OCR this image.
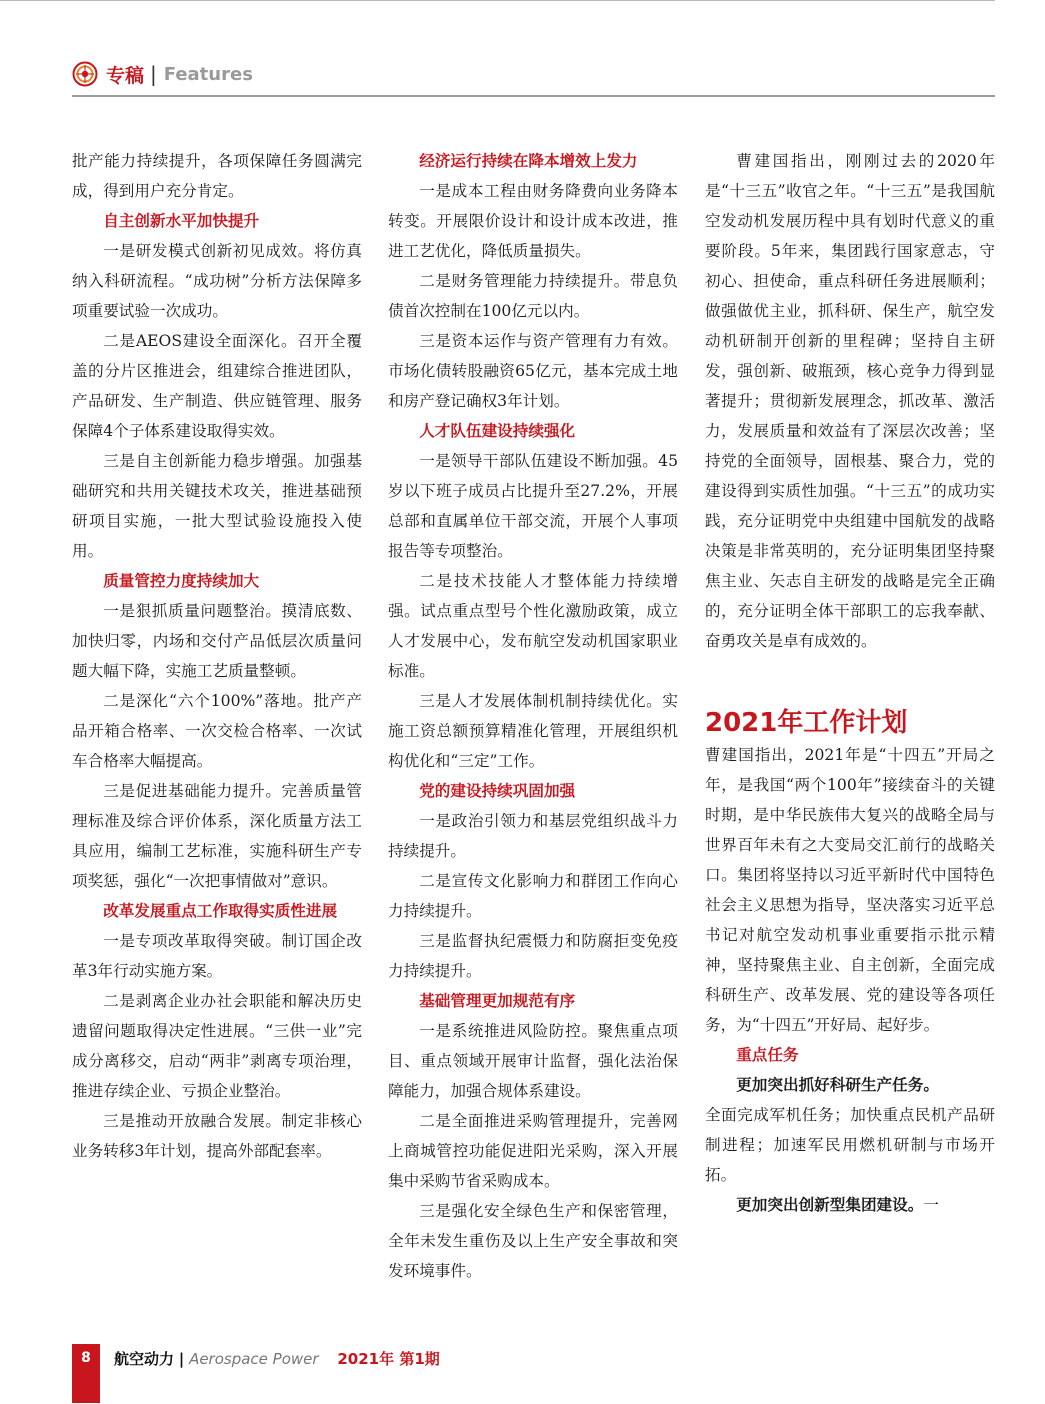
专稿 | Features

批产能力持续提升，各项保障任务圆满完成，得到用户充分肯定。

自主创新水平加快提升

一是研发模式创新初见成效。将仿真纳入科研流程。“成功树”分析方法保障多项重要试验一次成功。

二是AEOS建设全面深化。召开全覆盖的分片区推进会，组建综合推进团队，产品研发、生产制造、供应链管理、服务保障4个子体系建设取得实效。

三是自主创新能力稳步增强。加强基础研究和共用关键技术攻关，推进基础预研项目实施，一批大型试验设施投入使用。

质量管控力度持续加大

一是狠抓质量问题整治。摸清底数、加快归零，内场和交付产品低层次质量问题大幅下降，实施工艺质量整顿。

二是深化“六个100%”落地。批产产品开箱合格率、一次交检合格率、一次试车合格率大幅提高。

三是促进基础能力提升。完善质量管理标准及综合评价体系，深化质量方法工具应用，编制工艺标准，实施科研生产专项奖惩，强化“一次把事情做对”意识。

改革发展重点工作取得实质性进展

一是专项改革取得突破。制订国企改革3年行动实施方案。

二是剥离企业办社会职能和解决历史遗留问题取得决定性进展。“三供一业”完成分离移交，启动“两非”剥离专项治理，推进存续企业、亏损企业整治。

三是推动开放融合发展。制定非核心业务转移3年计划，提高外部配套率。

经济运行持续在降本增效上发力

一是成本工程由财务降费向业务降本转变。开展限价设计和设计成本改进，推进工艺优化，降低质量损失。

二是财务管理能力持续提升。带息负债首次控制在100亿元以内。

三是资本运作与资产管理有力有效。市场化债转股融资65亿元，基本完成土地和房产登记确权3年计划。

人才队伍建设持续强化

一是领导干部队伍建设不断加强。45岁以下班子成员占比提升至27.2%，开展总部和直属单位干部交流，开展个人事项报告等专项整治。

二是技术技能人才整体能力持续增强。试点重点型号个性化激励政策，成立人才发展中心，发布航空发动机国家职业标准。

三是人才发展体制机制持续优化。实施工资总额预算精准化管理，开展组织机构优化和“三定”工作。

党的建设持续巩固加强

一是政治引领力和基层党组织战斗力持续提升。

二是宣传文化影响力和群团工作向心力持续提升。

三是监督执纪震慑力和防腐拒变免疫力持续提升。

基础管理更加规范有序

一是系统推进风险防控。聚焦重点项目、重点领域开展审计监督，强化法治保障能力，加强合规体系建设。

二是全面推进采购管理提升，完善网上商城管控功能促进阳光采购，深入开展集中采购节省采购成本。

三是强化安全绿色生产和保密管理，全年未发生重伤及以上生产安全事故和突发环境事件。

曹建国指出，刚刚过去的2020年是“十三五”收官之年。“十三五”是我国航空发动机发展历程中具有划时代意义的重要阶段。5年来，集团践行国家意志，守初心、担使命，重点科研任务进展顺利；做强做优主业，抓科研、保生产，航空发动机研制开创新的里程碑；坚持自主研发，强创新、破瓶颈，核心竞争力得到显著提升；贯彻新发展理念，抓改革、激活力，发展质量和效益有了深层次改善；坚持党的全面领导，固根基、聚合力，党的建设得到实质性加强。“十三五”的成功实践，充分证明党中央组建中国航发的战略决策是非常英明的，充分证明集团坚持聚焦主业、矢志自主研发的战略是完全正确的，充分证明全体干部职工的忘我奉献、奋勇攻关是卓有成效的。

2021年工作计划

曹建国指出，2021年是“十四五”开局之年，是我国“两个100年”接续奋斗的关键时期，是中华民族伟大复兴的战略全局与世界百年未有之大变局交汇前行的战略关口。集团将坚持以习近平新时代中国特色社会主义思想为指导，坚决落实习近平总书记对航空发动机事业重要指示批示精神，坚持聚焦主业、自主创新，全面完成科研生产、改革发展、党的建设等各项任务，为“十四五”开好局、起好步。

重点任务

更加突出抓好科研生产任务。

全面完成军机任务；加快重点民机产品研制进程；加速军民用燃机研制与市场开拓。

更加突出创新型集团建设。一

8	航空动力 | Aerospace Power 2021年 第1期
